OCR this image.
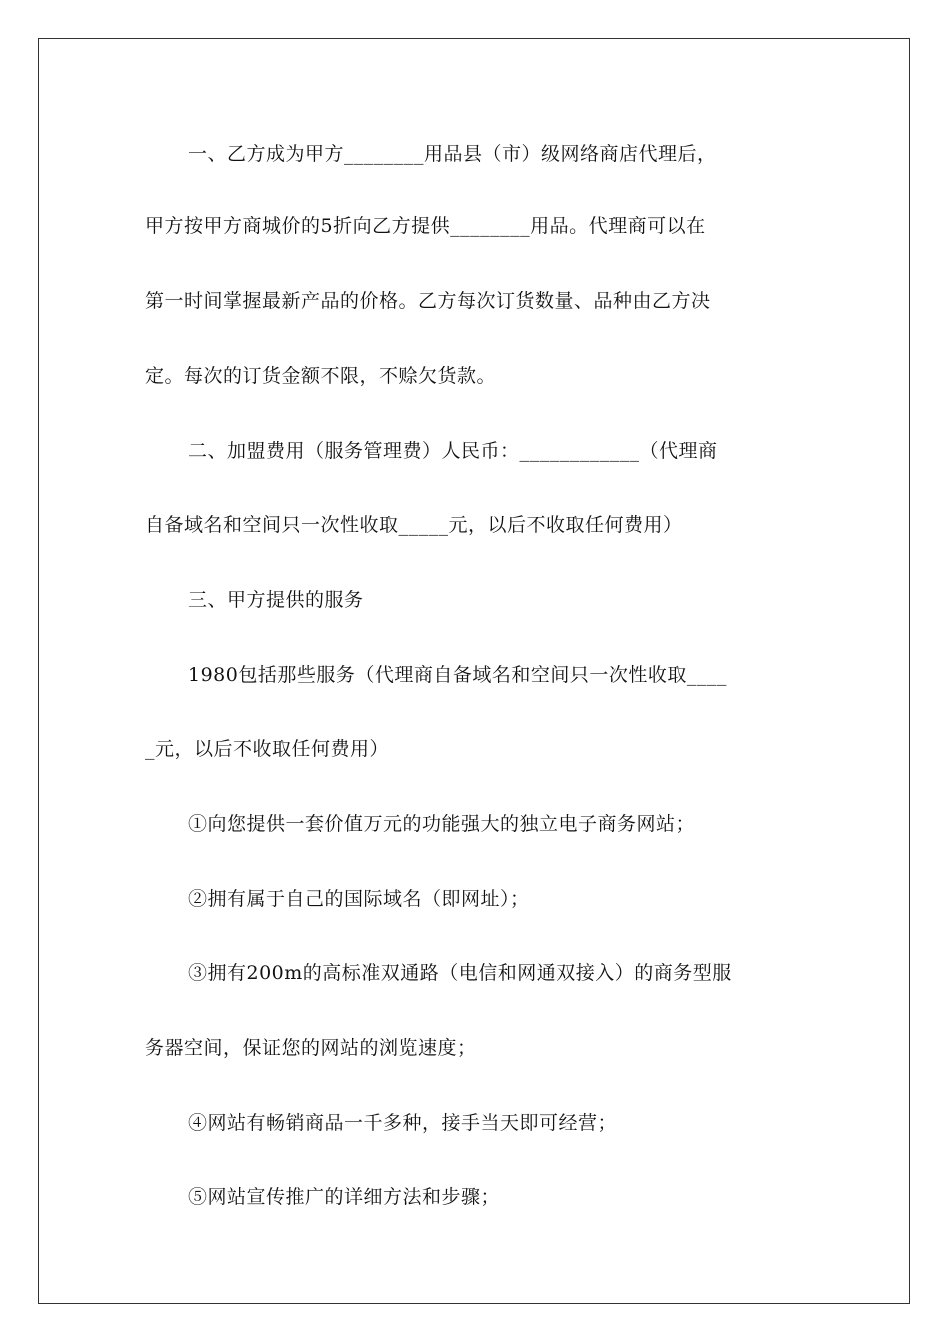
一、乙方成为甲方________用品县（市）级网络商店代理后，
甲方按甲方商城价的5折向乙方提供________用品。代理商可以在
第一时间掌握最新产品的价格。乙方每次订货数量、品种由乙方决
定。每次的订货金额不限，不赊欠货款。
二、加盟费用（服务管理费）人民币：____________（代理商
自备域名和空间只一次性收取_____元，以后不收取任何费用）
三、甲方提供的服务
1980包括那些服务（代理商自备域名和空间只一次性收取____
_元，以后不收取任何费用）
①向您提供一套价值万元的功能强大的独立电子商务网站；
②拥有属于自己的国际域名（即网址）；
③拥有200m的高标准双通路（电信和网通双接入）的商务型服
务器空间，保证您的网站的浏览速度；
④网站有畅销商品一千多种，接手当天即可经营；
⑤网站宣传推广的详细方法和步骤；
